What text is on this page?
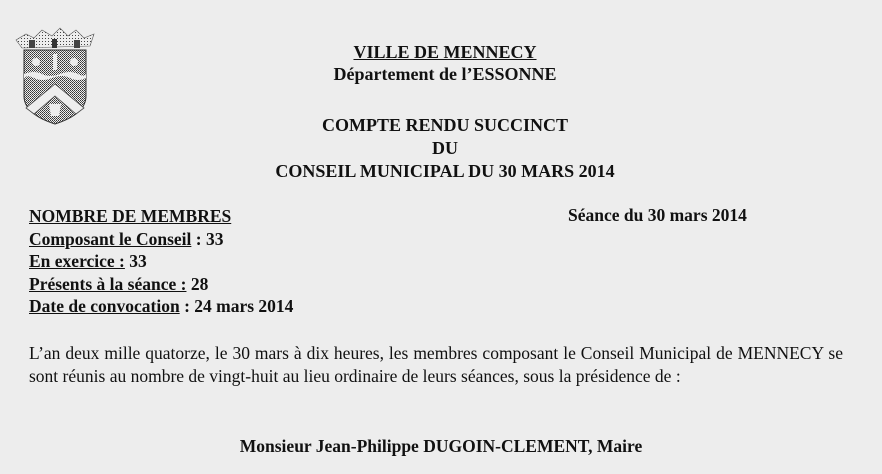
VILLE DE MENNECY
Département de l’ESSONNE
COMPTE RENDU SUCCINCT
DU
CONSEIL MUNICIPAL DU 30 MARS 2014
NOMBRE DE MEMBRES
Composant le Conseil : 33
En exercice : 33
Présents à la séance : 28
Date de convocation : 24 mars 2014
Séance du 30 mars 2014
L’an deux mille quatorze, le 30 mars à dix heures, les membres composant le Conseil Municipal de MENNECY se sont réunis au nombre de vingt-huit au lieu ordinaire de leurs séances, sous la présidence de :
Monsieur Jean-Philippe DUGOIN-CLEMENT, Maire
